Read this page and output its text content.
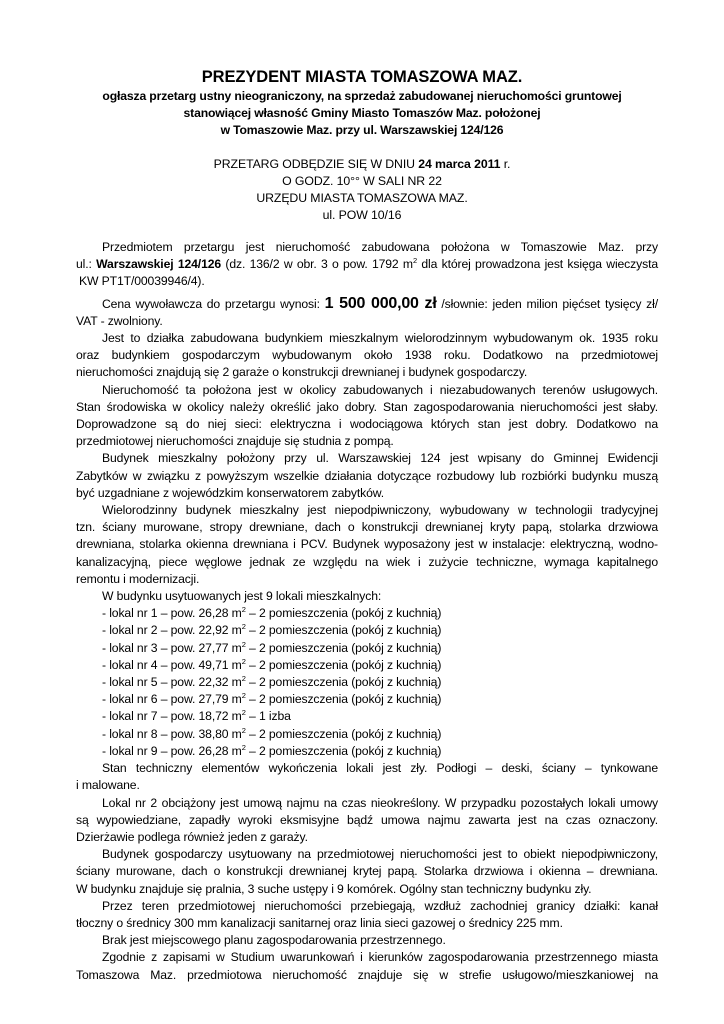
PREZYDENT MIASTA TOMASZOWA MAZ.
ogłasza przetarg ustny nieograniczony, na sprzedaż zabudowanej nieruchomości gruntowej
stanowiącej własność Gminy Miasto Tomaszów Maz. położonej
w Tomaszowie Maz. przy ul. Warszawskiej 124/126
PRZETARG ODBĘDZIE SIĘ W DNIU 24 marca 2011 r.
O GODZ. 10°° W SALI NR 22
URZĘDU MIASTA TOMASZOWA MAZ.
ul. POW 10/16
Przedmiotem przetargu jest nieruchomość zabudowana położona w Tomaszowie Maz. przy
ul.: Warszawskiej 124/126 (dz. 136/2 w obr. 3 o pow. 1792 $m^2$ dla której prowadzona jest księga wieczysta
KW PT1T/00039946/4).
Cena wywoławcza do przetargu wynosi: 1 500 000,00 zł /słownie: jeden milion pięćset tysięcy zł/
VAT - zwolniony.
Jest to działka zabudowana budynkiem mieszkalnym wielorodzinnym wybudowanym ok. 1935 roku
oraz budynkiem gospodarczym wybudowanym około 1938 roku. Dodatkowo na przedmiotowej
nieruchomości znajdują się 2 garaże o konstrukcji drewnianej i budynek gospodarczy.
Nieruchomość ta położona jest w okolicy zabudowanych i niezabudowanych terenów usługowych.
Stan środowiska w okolicy należy określić jako dobry. Stan zagospodarowania nieruchomości jest słaby.
Doprowadzone są do niej sieci: elektryczna i wodociągowa których stan jest dobry. Dodatkowo na
przedmiotowej nieruchomości znajduje się studnia z pompą.
Budynek mieszkalny położony przy ul. Warszawskiej 124 jest wpisany do Gminnej Ewidencji
Zabytków w związku z powyższym wszelkie działania dotyczące rozbudowy lub rozbiórki budynku muszą
być uzgadniane z wojewódzkim konserwatorem zabytków.
Wielorodzinny budynek mieszkalny jest niepodpiwniczony, wybudowany w technologii tradycyjnej
tzn. ściany murowane, stropy drewniane, dach o konstrukcji drewnianej kryty papą, stolarka drzwiowa
drewniana, stolarka okienna drewniana i PCV. Budynek wyposażony jest w instalacje: elektryczną, wodno-
kanalizacyjną, piece węglowe jednak ze względu na wiek i zużycie techniczne, wymaga kapitalnego
remontu i modernizacji.
W budynku usytuowanych jest 9 lokali mieszkalnych:
- lokal nr 1 – pow. 26,28 $m^2 - 2$ pomieszczenia (pokój z kuchnią)
- lokal nr 2 – pow. 22,92 $m^2 - 2$ pomieszczenia (pokój z kuchnią)
- lokal nr 3 – pow. 27,77 $m^2 - 2$ pomieszczenia (pokój z kuchnią)
- lokal nr 4 – pow. 49,71 $m^2 - 2$ pomieszczenia (pokój z kuchnią)
- lokal nr 5 – pow. 22,32 $m^2 - 2$ pomieszczenia (pokój z kuchnią)
- lokal nr 6 – pow. 27,79 $m^2 - 2$ pomieszczenia (pokój z kuchnią)
- lokal nr 7 – pow. 18,72 $m^2 - 1$ izba
- lokal nr 8 – pow. 38,80 $m^2 - 2$ pomieszczenia (pokój z kuchnią)
- lokal nr 9 – pow. 26,28 $m^2 - 2$ pomieszczenia (pokój z kuchnią)
Stan techniczny elementów wykończenia lokali jest zły. Podłogi – deski, ściany – tynkowane
i malowane.
Lokal nr 2 obciążony jest umową najmu na czas nieokreślony. W przypadku pozostałych lokali umowy
są wypowiedziane, zapadły wyroki eksmisyjne bądź umowa najmu zawarta jest na czas oznaczony.
Dzierżawie podlega również jeden z garaży.
Budynek gospodarczy usytuowany na przedmiotowej nieruchomości jest to obiekt niepodpiwniczony,
ściany murowane, dach o konstrukcji drewnianej krytej papą. Stolarka drzwiowa i okienna – drewniana.
W budynku znajduje się pralnia, 3 suche ustępy i 9 komórek. Ogólny stan techniczny budynku zły.
Przez teren przedmiotowej nieruchomości przebiegają, wzdłuż zachodniej granicy działki: kanał
tłoczny o średnicy 300 mm kanalizacji sanitarnej oraz linia sieci gazowej o średnicy 225 mm.
Brak jest miejscowego planu zagospodarowania przestrzennego.
Zgodnie z zapisami w Studium uwarunkowań i kierunków zagospodarowania przestrzennego miasta
Tomaszowa Maz. przedmiotowa nieruchomość znajduje się w strefie usługowo/mieszkaniowej na
